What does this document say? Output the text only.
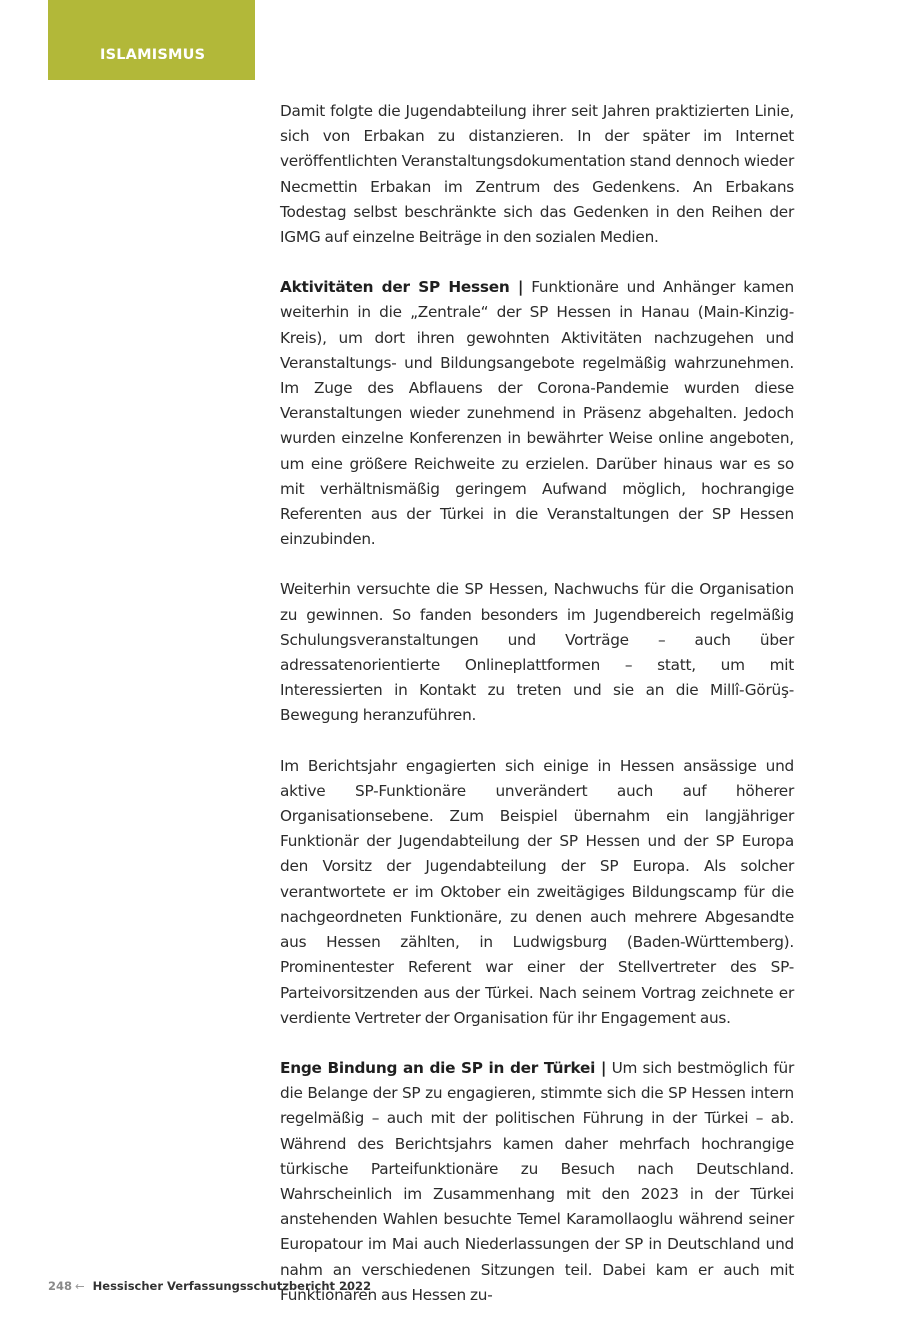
ISLAMISMUS

Damit folgte die Jugendabteilung ihrer seit Jahren praktizierten Linie, sich von Erbakan zu distanzieren. In der später im Internet veröffentlichten Veranstaltungsdokumentation stand dennoch wieder Necmettin Erbakan im Zentrum des Gedenkens. An Erbakans Todestag selbst beschränkte sich das Gedenken in den Reihen der IGMG auf einzelne Beiträge in den sozialen Medien.

Aktivitäten der SP Hessen | Funktionäre und Anhänger kamen weiterhin in die „Zentrale“ der SP Hessen in Hanau (Main-Kinzig-Kreis), um dort ihren gewohnten Aktivitäten nachzugehen und Veranstaltungs- und Bildungsangebote regelmäßig wahrzunehmen. Im Zuge des Abflauens der Corona-Pandemie wurden diese Veranstaltungen wieder zunehmend in Präsenz abgehalten. Jedoch wurden einzelne Konferenzen in bewährter Weise online angeboten, um eine größere Reichweite zu erzielen. Darüber hinaus war es so mit verhältnismäßig geringem Aufwand möglich, hochrangige Referenten aus der Türkei in die Veranstaltungen der SP Hessen einzubinden.

Weiterhin versuchte die SP Hessen, Nachwuchs für die Organisation zu gewinnen. So fanden besonders im Jugendbereich regelmäßig Schulungsveranstaltungen und Vorträge – auch über adressatenorientierte Onlineplattformen – statt, um mit Interessierten in Kontakt zu treten und sie an die Millî-Görüş-Bewegung heranzuführen.

Im Berichtsjahr engagierten sich einige in Hessen ansässige und aktive SP-Funktionäre unverändert auch auf höherer Organisationsebene. Zum Beispiel übernahm ein langjähriger Funktionär der Jugendabteilung der SP Hessen und der SP Europa den Vorsitz der Jugendabteilung der SP Europa. Als solcher verantwortete er im Oktober ein zweitägiges Bildungscamp für die nachgeordneten Funktionäre, zu denen auch mehrere Abgesandte aus Hessen zählten, in Ludwigsburg (Baden-Württemberg). Prominentester Referent war einer der Stellvertreter des SP-Parteivorsitzenden aus der Türkei. Nach seinem Vortrag zeichnete er verdiente Vertreter der Organisation für ihr Engagement aus.

Enge Bindung an die SP in der Türkei | Um sich bestmöglich für die Belange der SP zu engagieren, stimmte sich die SP Hessen intern regelmäßig – auch mit der politischen Führung in der Türkei – ab. Während des Berichtsjahrs kamen daher mehrfach hochrangige türkische Parteifunktionäre zu Besuch nach Deutschland. Wahrscheinlich im Zusammenhang mit den 2023 in der Türkei anstehenden Wahlen besuchte Temel Karamollaoglu während seiner Europatour im Mai auch Niederlassungen der SP in Deutschland und nahm an verschiedenen Sitzungen teil. Dabei kam er auch mit Funktionären aus Hessen zu-

248 ← Hessischer Verfassungsschutzbericht 2022
